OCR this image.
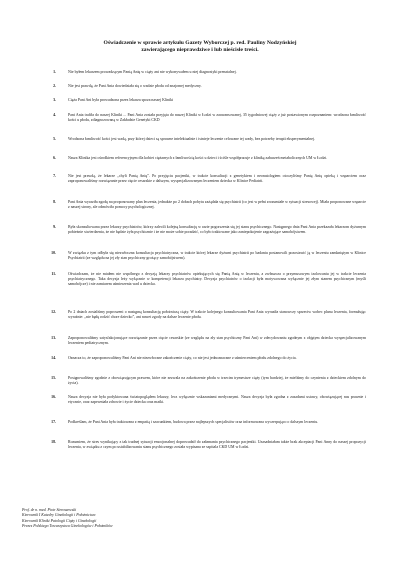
Oświadczenie w sprawie artykułu Gazety Wyborczej p. red. Pauliny Nodzyńskiej
zawierającego nieprawdziwe i lub nieścisłe treści.
1.	Nie byłem lekarzem prowadzącym Panią Anię w ciąży ani nie wykonywałem u niej diagnostyki prenatalnej.
2.	Nie jest prawdą, że Pani Ania dowiedziała się o wadzie płodu od znajomej medyczny.
3.	Ciąża Pani Ani była prowadzona przez lekarza spoza naszej Kliniki
4.	Pani Ania trafiła do naszej Kliniki ... Pani Ania została przyjęta do naszej Kliniki w Łodzi w zaawansowanej, 35 tygodniowej ciąży z już postawionym rozpoznaniem: wrodzona łamliwość kości u płodu, zdiagnozowaną w Zakładzie Genetyki CKD
5.	Wrodzona łamliwość kości jest wadą, przy której dzieci są sprawne intelektualnie i istnieje leczenie celowane tej wady, bez potrzeby terapii eksperymentalnej.
6.	Nasza Klinika jest ośrodkiem referencyjnym dla kobiet ciężarnych z łamliwością kości u dzieci i ściśle współpracuje z kliniką zaburzeń metabolicznych UM w Łodzi.
7.	Nie jest prawdą, że lekarze „chyli Panią Anię”. Po przyjęciu pacjentki, w trakcie konsultacji z genetykiem i neonatologiem otoczyliśmy Panią Anię opieką i wsparciem oraz zaproponowaliśmy rozwiązanie przez cięcie cesarskie z dalszym, wyspecjalizowanym leczeniem dziecka w Klinice Pediatrii.
8.	Pani Ania wyraziła zgodę na proponowany plan leczenia, jednakże po 2 dobach pobytu zażądała się psychiatrii (co jest w pełni zrozumiałe w sytuacji stresowej). Miała proponowane wsparcie z naszej strony, ale odmówiła pomocy psychologicznej.
9.	Była skonsultowana przez lekarzy psychiatrów, którzy zalecili kolejną konsultację w razie pogorszenia się jej stanu psychicznego. Następnego dnia Pani Ania przekazała lekarzom dyżurnym pobieżnie stwierdzenia, że nie będzie żyła psychicznie i że nie może sobie poradzić, co było traktowane jako zaniepokojenie zagrażające samobójstwem.
10.	W związku z tym odbyła się niezwłoczna konsultacja psychiatryczna, w trakcie której lekarze dyżurni psychiatrii po badaniu postanowili pozostawić ją w leczeniu zamkniętym w Klinice Psychiatrii (ze względu na jej zły stan psychiczny grożący samobójstwem).
11.	Oświadczam, że nie miałem nie wspólnego z decyzją lekarzy psychiatrów opiekujących się Panią Anią w leczeniu, a zwłaszcza o przymusowym izolowaniu jej w trakcie leczenia psychiatrycznego. Taka decyzja leży wyłącznie w kompetencji lekarza psychiatry. Decyzja psychiatrów o izolacji była motywowana wyłącznie jej złym stanem psychicznym (myśli samobójcze) i nie zamiarem uśmierzenia wad u dziecka.
12.	Po 2 dniach zostaliśmy poproszeni o następną konsultację położniczą ciąży. W trakcie kolejnego konsultowania Pani Ania wyraziła stanowczy sprzeciw wobec planu leczenia, formułując wyraźnie: „nie będę rodzić chore dziecko”, ani nawet zgody na dalsze leczenie płodu.
13.	Zaproponowaliśmy satysfakcjonujące rozwiązanie przez cięcie cesarskie (ze względu na zły stan psychiczny Pani Ani) w zdecydowaniu zgodnym z objętym dziecka wyspecjalizowanym leczeniem pediatrycznym.
14.	Oznacza to, że zaproponowaliśmy Pani Ani nie niezwłoczne zakończenie ciąży, co nie jest jednoznaczne z uśmierceniem płodu zdolnego do życia.
15.	Postępowaliśmy zgodnie z obowiązującym prawem, które nie zezwala na zakończenie płodu w trzecim trymestrze ciąży (tym bardziej, że mieliśmy do czynienia z dzieckiem zdolnym do życia).
16.	Nasza decyzja nie była podyktowana światopoglądem lekarzy, lecz wyłącznie wskazaniami medycznymi. Nasza decyzja była zgodna z zasadami ustawy, obowiązującej nas prawnie i etycznie, oraz zapewniała zdrowie i życie dziecka oraz matki.
17.	Podkreślam, że Pani Ania była traktowana z empatią i szacunkiem, budowa przez najlepszych specjalistów oraz informowana wyczerpująco o dalszym leczeniu.
18.	Rozumiem, że stres wynikający z tak trudnej sytuacji emocjonalnej doprowadził do załamania psychicznego pacjentki. Uzasadniałam także brak akceptacji Pani Anny do naszej propozycji leczenia, w związku z czym po ustabilizowaniu stanu psychicznego została wypisana ze szpitala CKD UM w Łodzi.
Prof. dr n. med. Piotr Sieroszewski
Kierownik I Katedry Ginekologii i Położnictwa
Kierownik Kliniki Patologii Ciąży i Ginekologii
Prezes Polskiego Towarzystwa Ginekologów i Położników
